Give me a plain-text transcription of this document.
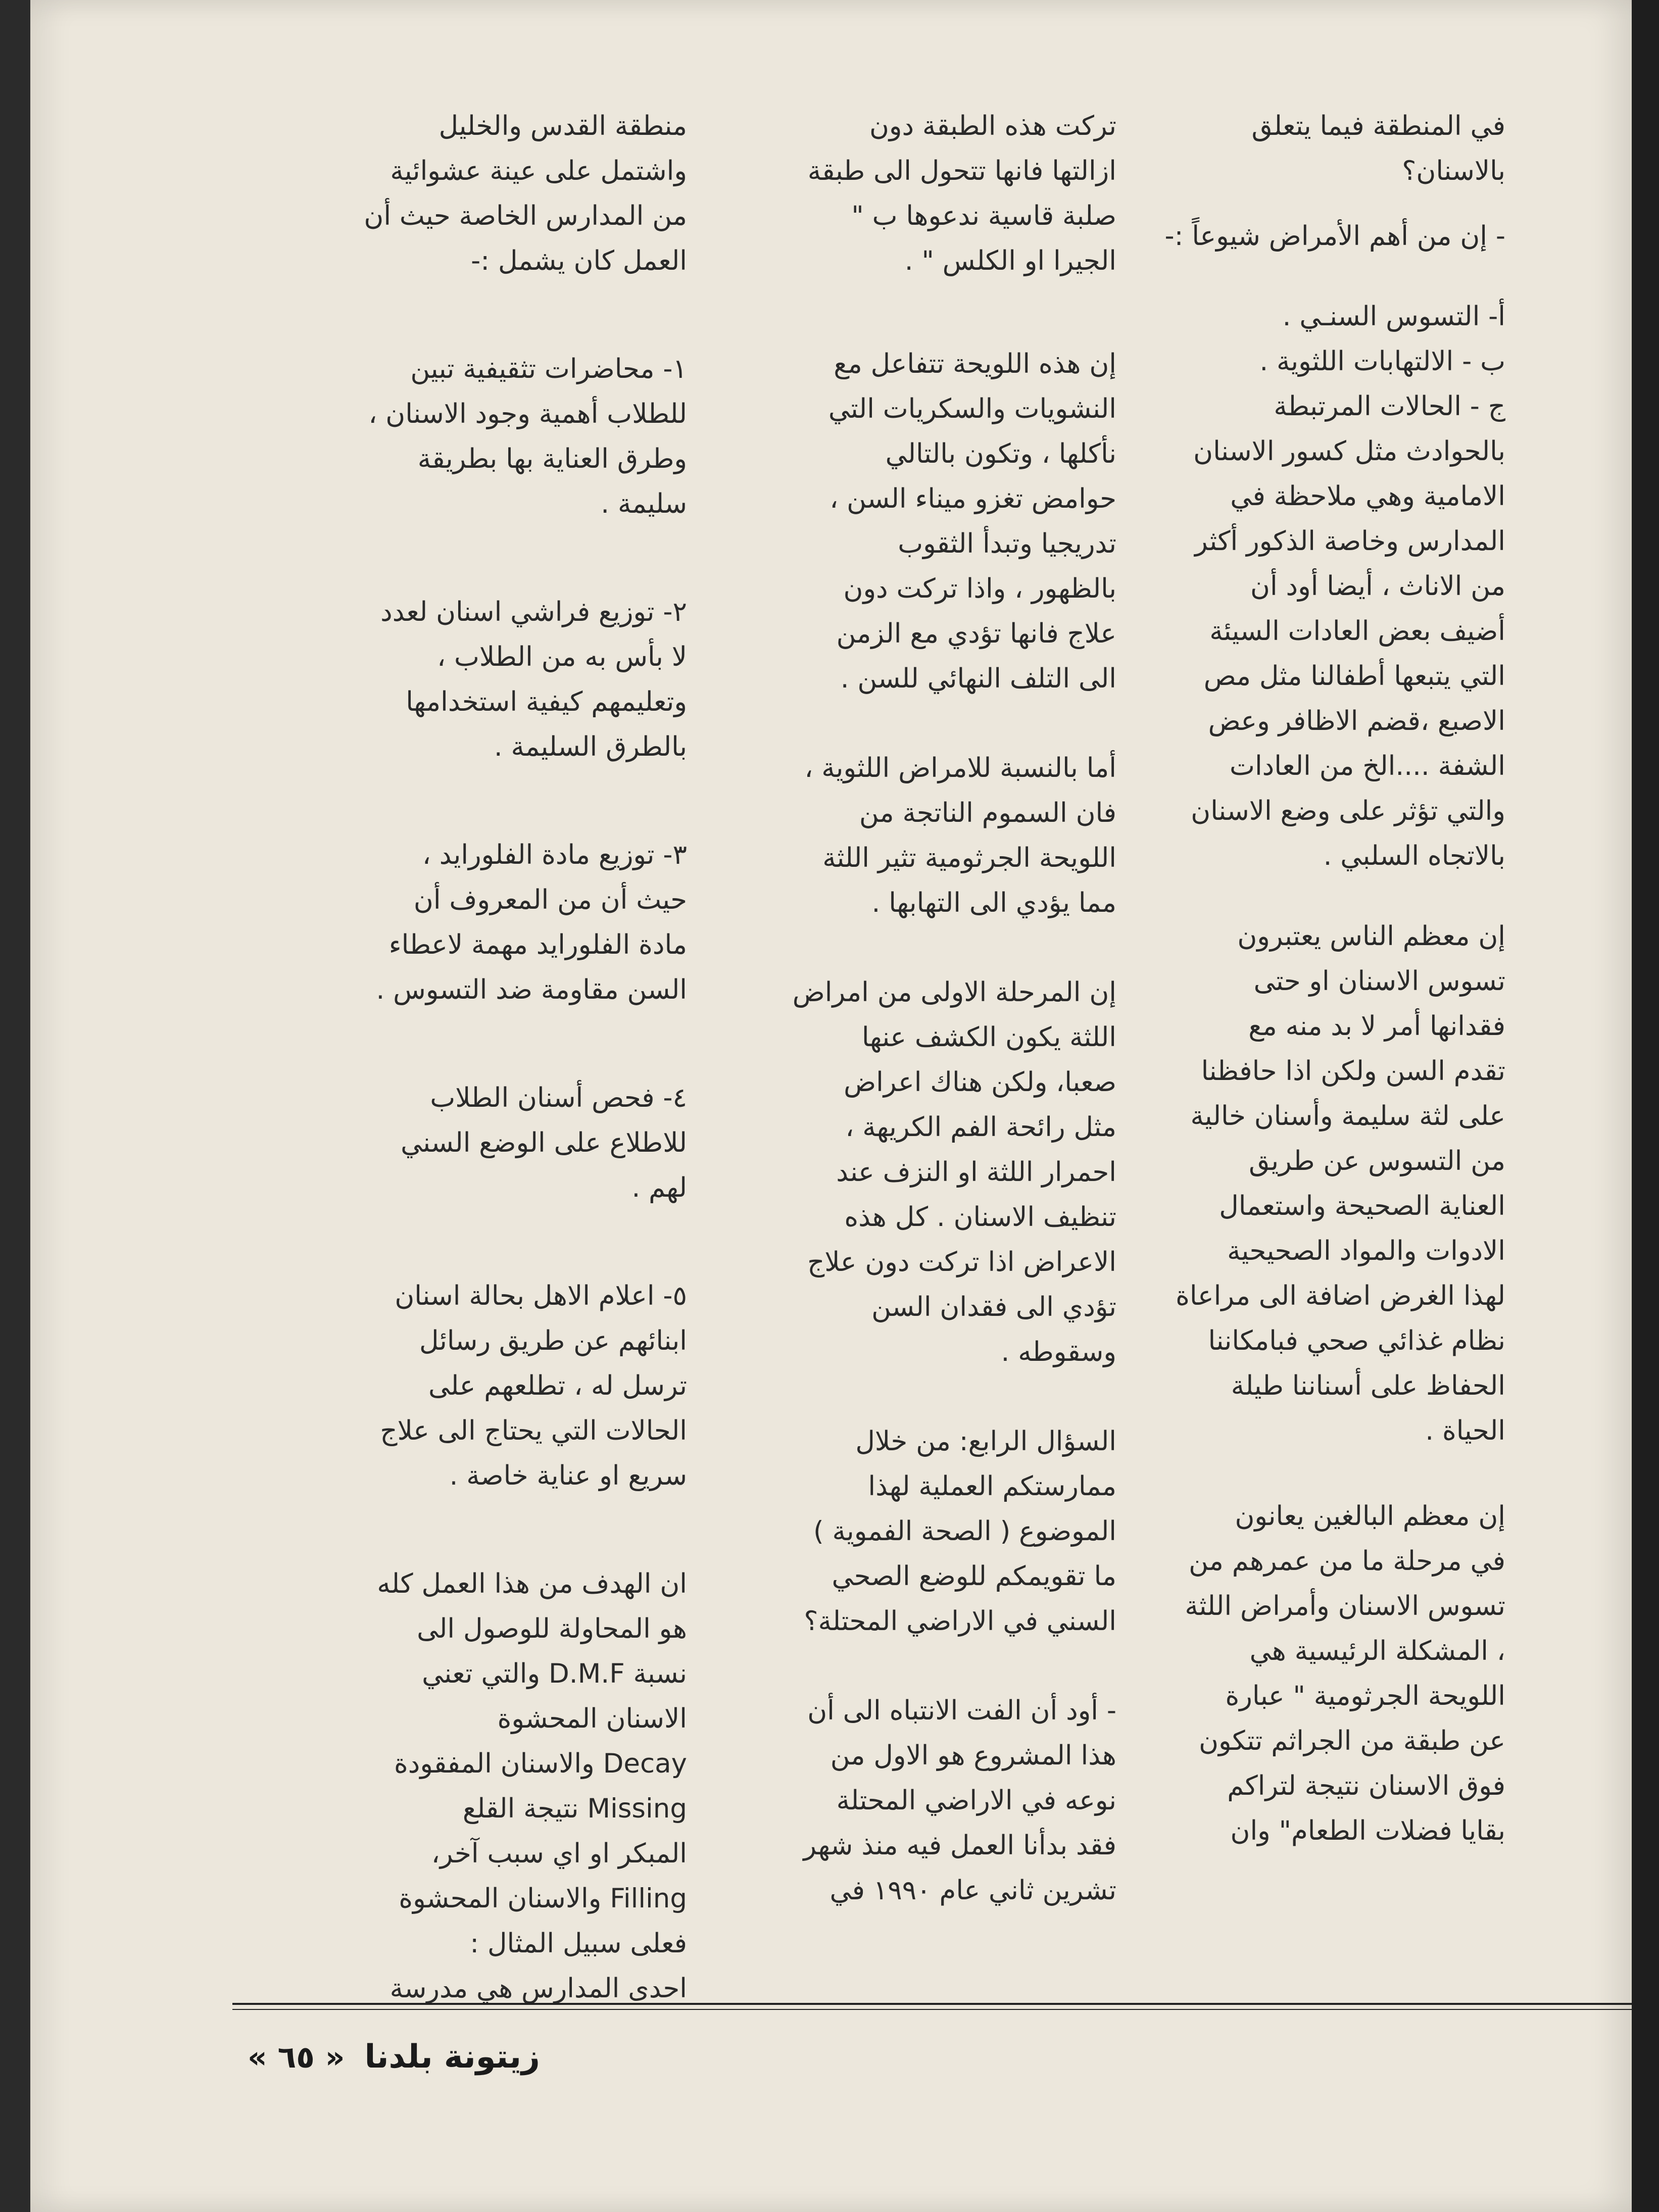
في المنطقة فيما يتعلق
بالاسنان؟
- إن من أهم الأمراض شيوعاً :-
أ- التسوس السنـي .
ب - الالتهابات اللثوية .
ج - الحالات المرتبطة
بالحوادث مثل كسور الاسنان
الامامية وهي ملاحظة في
المدارس وخاصة الذكور أكثر
من الاناث ، أيضا أود أن
أضيف بعض العادات السيئة
التي يتبعها أطفالنا مثل مص
الاصبع ،قضم الاظافر وعض
الشفة ....الخ من العادات
والتي تؤثر على وضع الاسنان
بالاتجاه السلبي .
إن معظم الناس يعتبرون
تسوس الاسنان او حتى
فقدانها أمر لا بد منه مع
تقدم السن ولكن اذا حافظنا
على لثة سليمة وأسنان خالية
من التسوس عن طريق
العناية الصحيحة واستعمال
الادوات والمواد الصحيحية
لهذا الغرض اضافة الى مراعاة
نظام غذائي صحي فبامكاننا
الحفاظ على أسناننا طيلة
الحياة .
إن معظم البالغين يعانون
في مرحلة ما من عمرهم من
تسوس الاسنان وأمراض اللثة
، المشكلة الرئيسية هي
اللويحة الجرثومية " عبارة
عن طبقة من الجراثم تتكون
فوق الاسنان نتيجة لتراكم
بقايا فضلات الطعام" وان
تركت هذه الطبقة دون
ازالتها فانها تتحول الى طبقة
صلبة قاسية ندعوها ب "
الجيرا او الكلس " .
إن هذه اللويحة تتفاعل مع
النشويات والسكريات التي
نأكلها ، وتكون بالتالي
حوامض تغزو ميناء السن ،
تدريجيا وتبدأ الثقوب
بالظهور ، واذا تركت دون
علاج فانها تؤدي مع الزمن
الى التلف النهائي للسن .
أما بالنسبة للامراض اللثوية ،
فان السموم الناتجة من
اللويحة الجرثومية تثير اللثة
مما يؤدي الى التهابها .
إن المرحلة الاولى من امراض
اللثة يكون الكشف عنها
صعبا، ولكن هناك اعراض
مثل رائحة الفم الكريهة ،
احمرار اللثة او النزف عند
تنظيف الاسنان . كل هذه
الاعراض اذا تركت دون علاج
تؤدي الى فقدان السن
وسقوطه .
السؤال الرابع: من خلال
ممارستكم العملية لهذا
الموضوع ( الصحة الفموية )
ما تقويمكم للوضع الصحي
السني في الاراضي المحتلة؟
- أود أن الفت الانتباه الى أن
هذا المشروع هو الاول من
نوعه في الاراضي المحتلة
فقد بدأنا العمل فيه منذ شهر
تشرين ثاني عام ١٩٩٠ في
منطقة القدس والخليل
واشتمل على عينة عشوائية
من المدارس الخاصة حيث أن
العمل كان يشمل :-
١- محاضرات تثقيفية تبين
للطلاب أهمية وجود الاسنان ،
وطرق العناية بها بطريقة
سليمة .
٢- توزيع فراشي اسنان لعدد
لا بأس به من الطلاب ،
وتعليمهم كيفية استخدامها
بالطرق السليمة .
٣- توزيع مادة الفلورايد ،
حيث أن من المعروف أن
مادة الفلورايد مهمة لاعطاء
السن مقاومة ضد التسوس .
٤- فحص أسنان الطلاب
للاطلاع على الوضع السني
لهم .
٥- اعلام الاهل بحالة اسنان
ابنائهم عن طريق رسائل
ترسل له ، تطلعهم على
الحالات التي يحتاج الى علاج
سريع او عناية خاصة .
ان الهدف من هذا العمل كله
هو المحاولة للوصول الى
نسبة D.M.F والتي تعني
الاسنان المحشوة
Decay والاسنان المفقودة
Missing نتيجة القلع
المبكر او اي سبب آخر،
Filling والاسنان المحشوة
فعلى سبيل المثال :
احدى المدارس هي مدرسة
زيتونة بلدنا « ٦٥ »
